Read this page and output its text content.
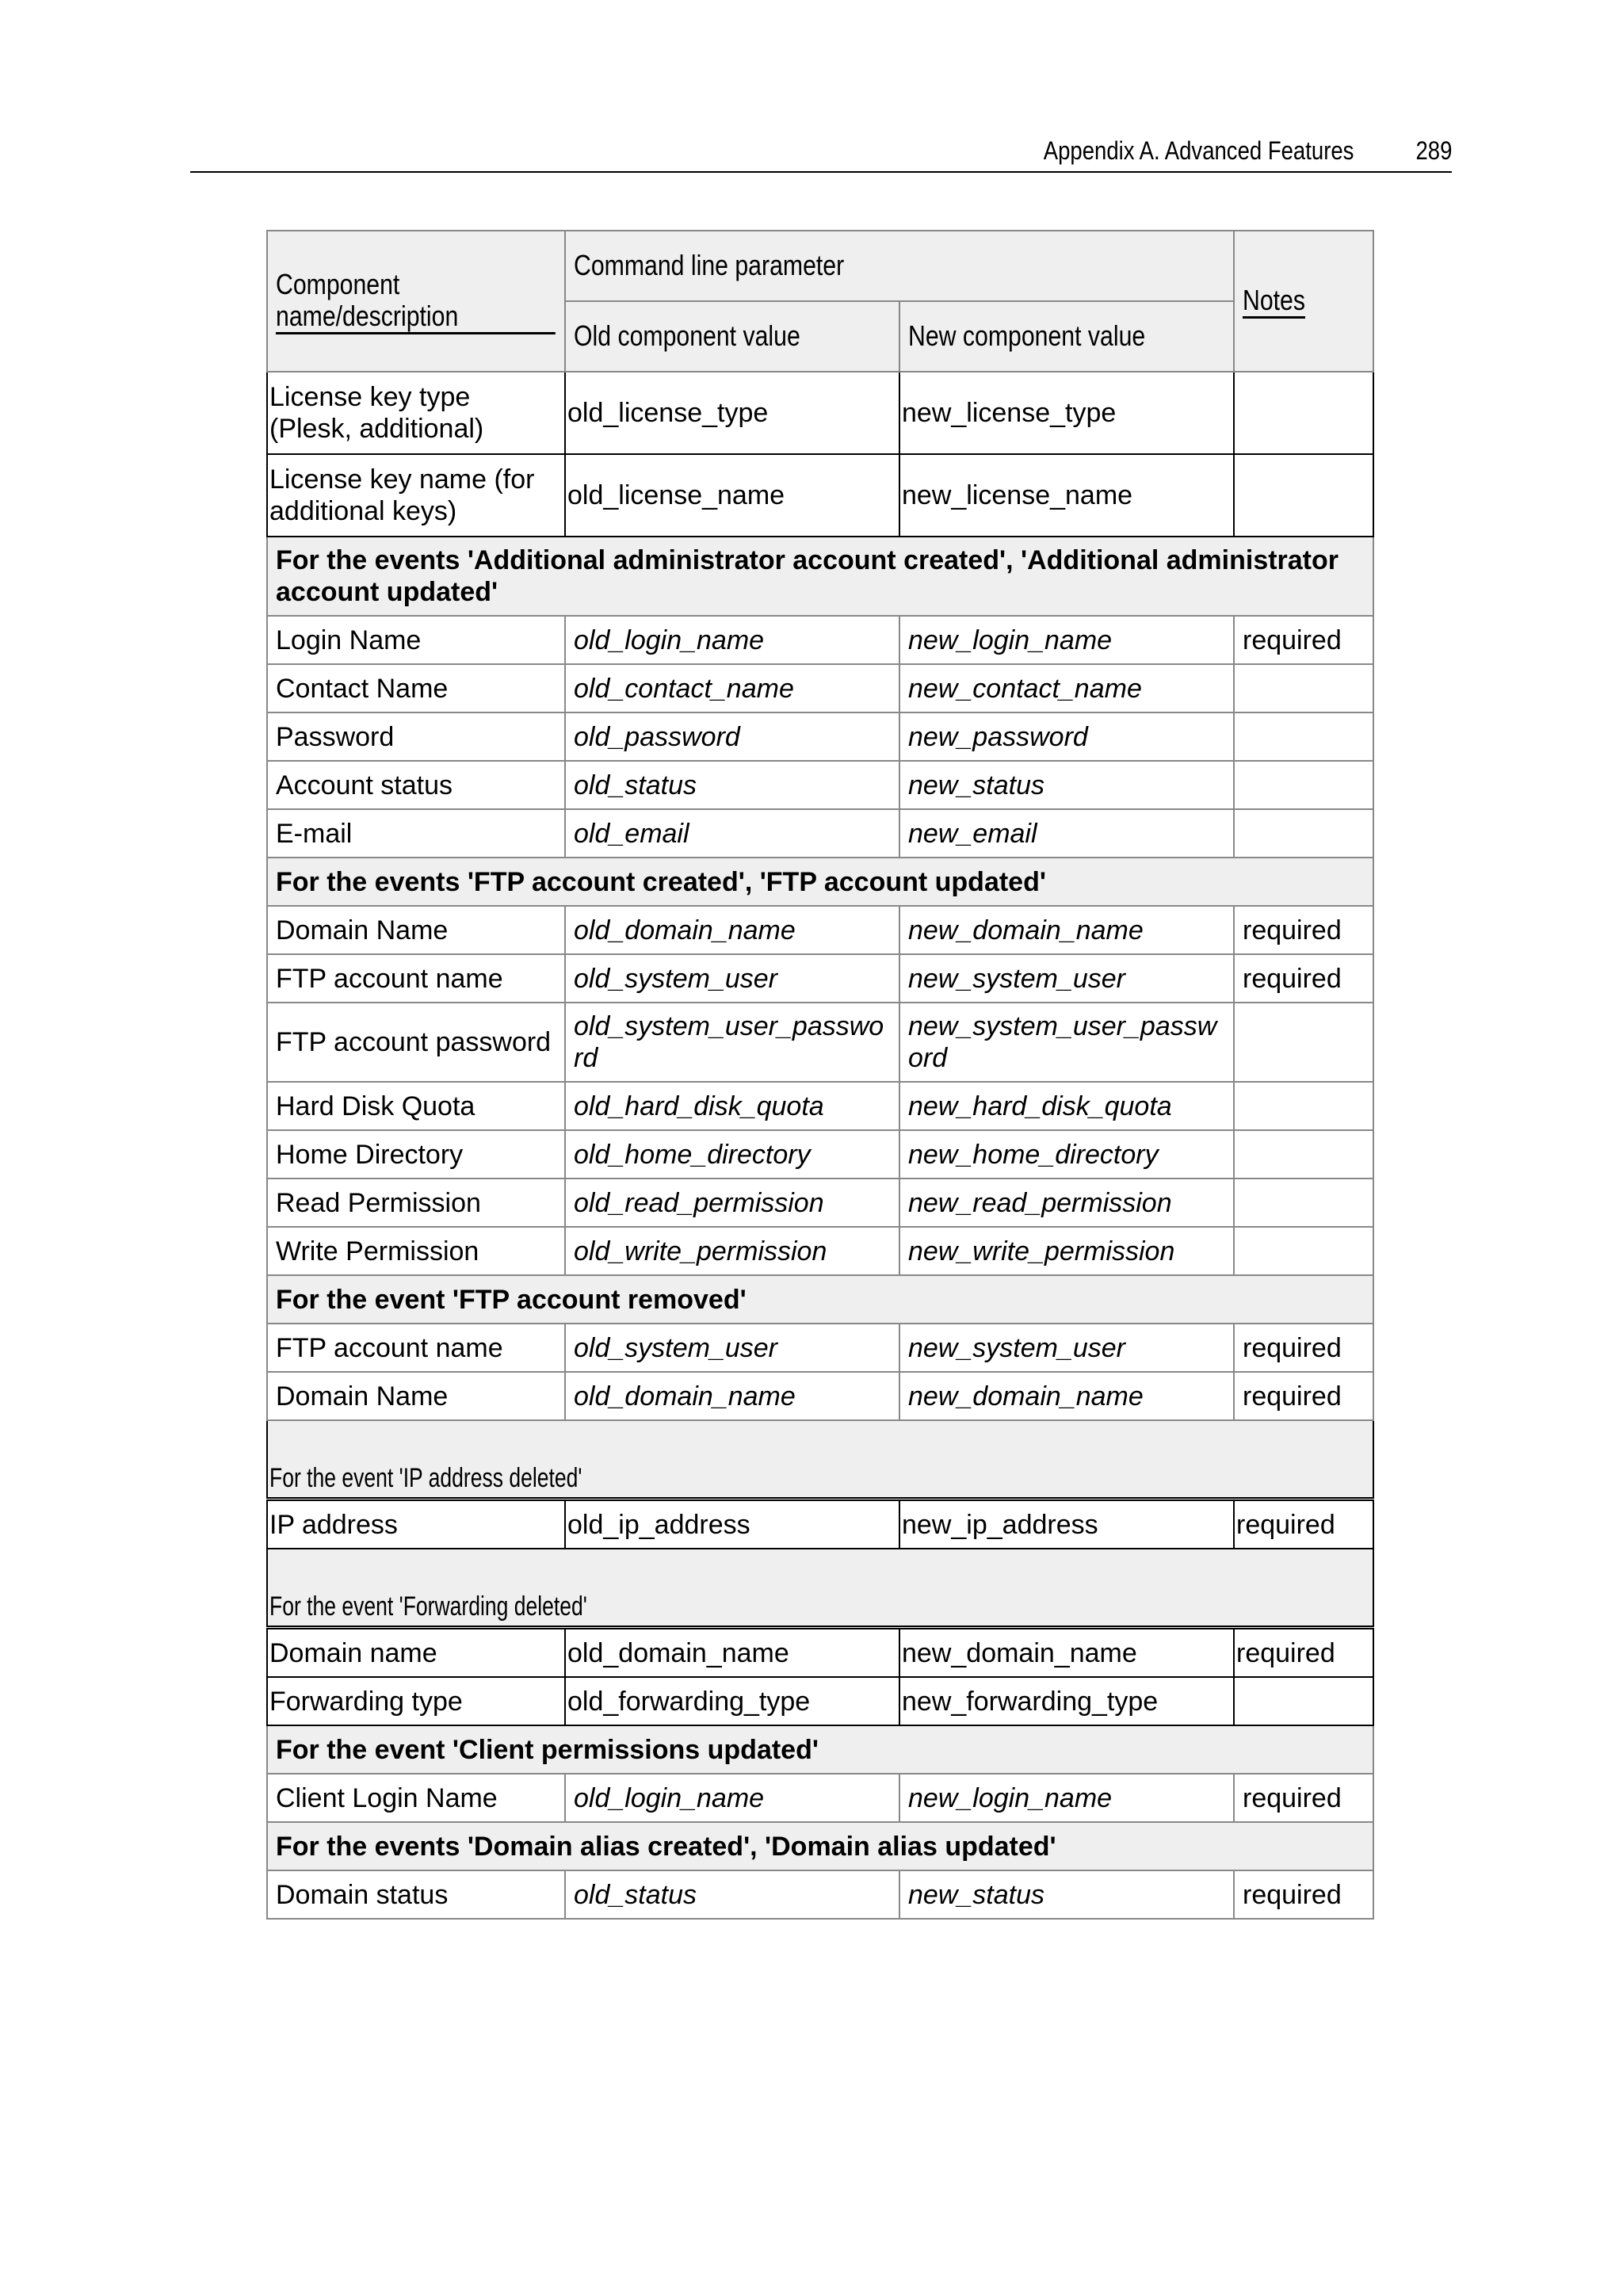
Appendix A. Advanced Features 289
Component name/description	Command line parameter		Notes
	Old component value	New component value	
License key type (Plesk, additional)	old_license_type	new_license_type	
License key name (for additional keys)	old_license_name	new_license_name	
For the events 'Additional administrator account created', 'Additional administrator account updated'			
Login Name	old_login_name	new_login_name	required
Contact Name	old_contact_name	new_contact_name	
Password	old_password	new_password	
Account status	old_status	new_status	
E-mail	old_email	new_email	
For the events 'FTP account created', 'FTP account updated'			
Domain Name	old_domain_name	new_domain_name	required
FTP account name	old_system_user	new_system_user	required
FTP account password	old_system_user_password	new_system_user_password	
Hard Disk Quota	old_hard_disk_quota	new_hard_disk_quota	
Home Directory	old_home_directory	new_home_directory	
Read Permission	old_read_permission	new_read_permission	
Write Permission	old_write_permission	new_write_permission	
For the event 'FTP account removed'			
FTP account name	old_system_user	new_system_user	required
Domain Name	old_domain_name	new_domain_name	required
For the event 'IP address deleted'			
IP address	old_ip_address	new_ip_address	required
For the event 'Forwarding deleted'			
Domain name	old_domain_name	new_domain_name	required
Forwarding type	old_forwarding_type	new_forwarding_type	
For the event 'Client permissions updated'			
Client Login Name	old_login_name	new_login_name	required
For the events 'Domain alias created', 'Domain alias updated'			
Domain status	old_status	new_status	required
